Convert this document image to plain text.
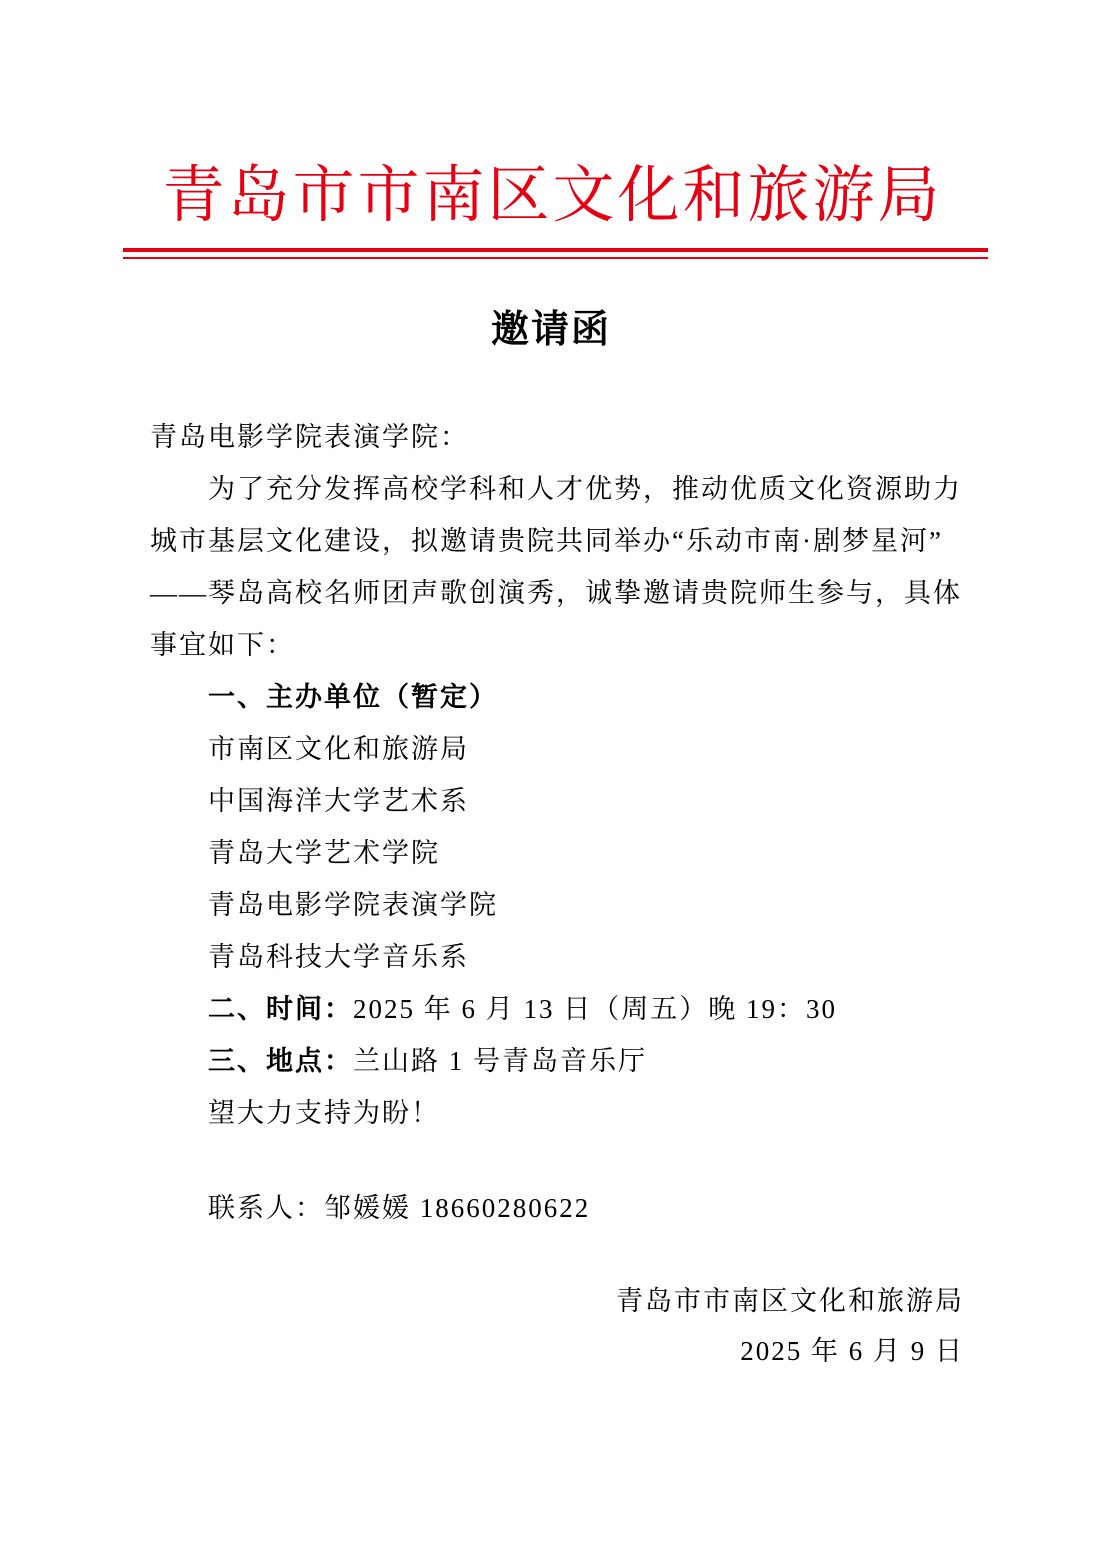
青岛市市南区文化和旅游局
邀请函
青岛电影学院表演学院：
为了充分发挥高校学科和人才优势，推动优质文化资源助力
城市基层文化建设，拟邀请贵院共同举办“乐动市南·剧梦星河”
——琴岛高校名师团声歌创演秀，诚挚邀请贵院师生参与，具体
事宜如下：
一、主办单位（暂定）
市南区文化和旅游局
中国海洋大学艺术系
青岛大学艺术学院
青岛电影学院表演学院
青岛科技大学音乐系
二、时间：2025 年 6 月 13 日（周五）晚 19：30
三、地点：兰山路 1 号青岛音乐厅
望大力支持为盼！
联系人：邹媛媛 18660280622
青岛市市南区文化和旅游局
2025 年 6 月 9 日
